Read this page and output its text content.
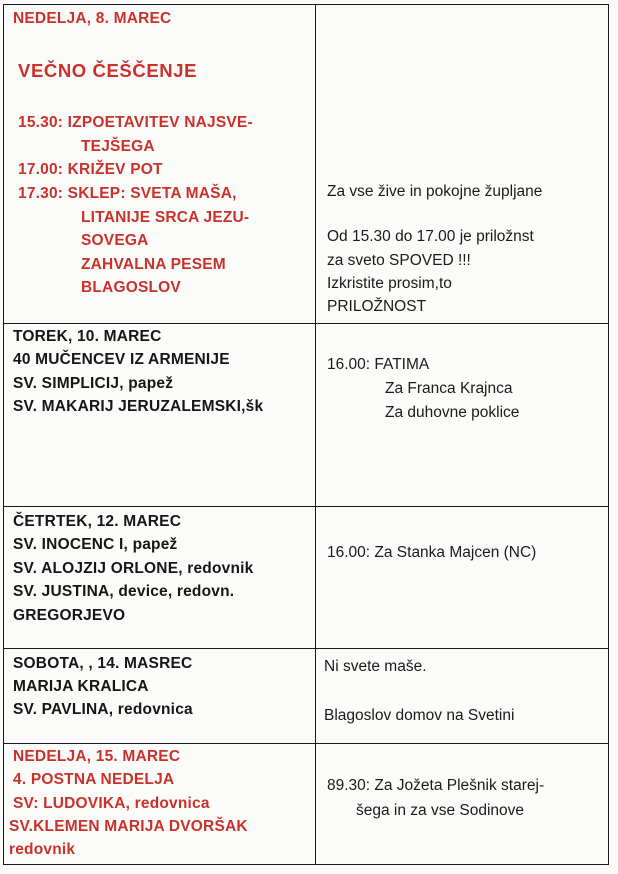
NEDELJA, 8. MAREC
VEČNO ČEŠČENJE
15.30: IZPOETAVITEV NAJSVE-
TEJŠEGA
17.00: KRIŽEV POT
17.30: SKLEP: SVETA MAŠA,
LITANIJE SRCA JEZU-
SOVEGA
ZAHVALNA PESEM
BLAGOSLOV
Za vse žive in pokojne župljane
Od 15.30 do 17.00 je priložnst
za sveto SPOVED !!!
Izkristite prosim,to
PRILOŽNOST
TOREK, 10. MAREC
40 MUČENCEV IZ ARMENIJE
SV. SIMPLICIJ, papež
SV. MAKARIJ JERUZALEMSKI,šk
16.00: FATIMA
Za Franca Krajnca
Za duhovne poklice
ČETRTEK, 12. MAREC
SV. INOCENC I, papež
SV. ALOJZIJ ORLONE, redovnik
SV. JUSTINA, device, redovn.
GREGORJEVO
16.00: Za Stanka Majcen (NC)
SOBOTA, , 14. MASREC
MARIJA KRALICA
SV. PAVLINA, redovnica
Ni svete maše.
Blagoslov domov na Svetini
NEDELJA, 15. MAREC
4. POSTNA NEDELJA
SV: LUDOVIKA, redovnica
SV.KLEMEN MARIJA DVORŠAK
redovnik
89.30: Za Jožeta Plešnik starej-
šega in za vse Sodinove
